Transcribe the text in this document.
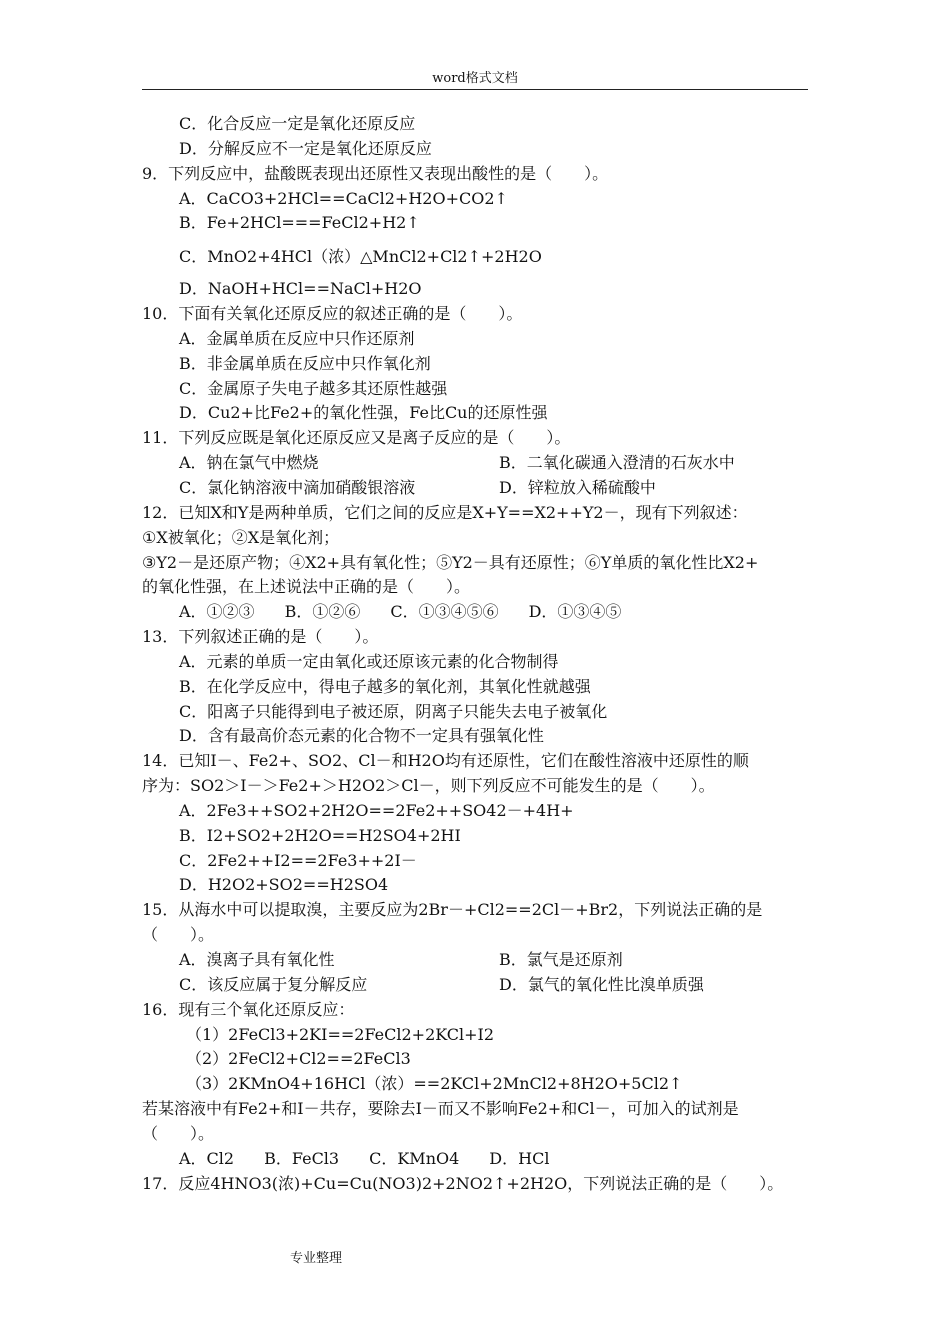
word格式文档
C．化合反应一定是氧化还原反应
D．分解反应不一定是氧化还原反应
9．下列反应中，盐酸既表现出还原性又表现出酸性的是（　　）。
A．CaCO3+2HCl==CaCl2+H2O+CO2↑
B．Fe+2HCl===FeCl2+H2↑
C．MnO2+4HCl（浓）△MnCl2+Cl2↑+2H2O
D．NaOH+HCl==NaCl+H2O
10．下面有关氧化还原反应的叙述正确的是（　　）。
A．金属单质在反应中只作还原剂
B．非金属单质在反应中只作氧化剂
C．金属原子失电子越多其还原性越强
D．Cu2+比Fe2+的氧化性强，Fe比Cu的还原性强
11．下列反应既是氧化还原反应又是离子反应的是（　　）。
A．钠在氯气中燃烧	B．二氧化碳通入澄清的石灰水中
C．氯化钠溶液中滴加硝酸银溶液	D．锌粒放入稀硫酸中
12．已知X和Y是两种单质，它们之间的反应是X+Y==X2++Y2－，现有下列叙述：
①X被氧化；②X是氧化剂；
③Y2－是还原产物；④X2+具有氧化性；⑤Y2－具有还原性；⑥Y单质的氧化性比X2+
的氧化性强，在上述说法中正确的是（　　）。
A．①②③ B．①②⑥ C．①③④⑤⑥ D．①③④⑤
13．下列叙述正确的是（　　）。
A．元素的单质一定由氧化或还原该元素的化合物制得
B．在化学反应中，得电子越多的氧化剂，其氧化性就越强
C．阳离子只能得到电子被还原，阴离子只能失去电子被氧化
D．含有最高价态元素的化合物不一定具有强氧化性
14．已知I－、Fe2+、SO2、Cl－和H2O均有还原性，它们在酸性溶液中还原性的顺
序为：SO2＞I－＞Fe2+＞H2O2＞Cl－，则下列反应不可能发生的是（　　）。
A．2Fe3++SO2+2H2O==2Fe2++SO42－+4H+
B．I2+SO2+2H2O==H2SO4+2HI
C．2Fe2++I2==2Fe3++2I－
D．H2O2+SO2==H2SO4
15．从海水中可以提取溴，主要反应为2Br－+Cl2==2Cl－+Br2，下列说法正确的是
（　　）。
A．溴离子具有氧化性	B．氯气是还原剂
C．该反应属于复分解反应	D．氯气的氧化性比溴单质强
16．现有三个氧化还原反应：
（1）2FeCl3+2KI==2FeCl2+2KCl+I2
（2）2FeCl2+Cl2==2FeCl3
（3）2KMnO4+16HCl（浓）==2KCl+2MnCl2+8H2O+5Cl2↑
若某溶液中有Fe2+和I－共存，要除去I－而又不影响Fe2+和Cl－，可加入的试剂是
（　　）。
A．Cl2 B．FeCl3 C．KMnO4 D．HCl
17．反应4HNO3(浓)+Cu=Cu(NO3)2+2NO2↑+2H2O，下列说法正确的是（　　）。
专业整理
